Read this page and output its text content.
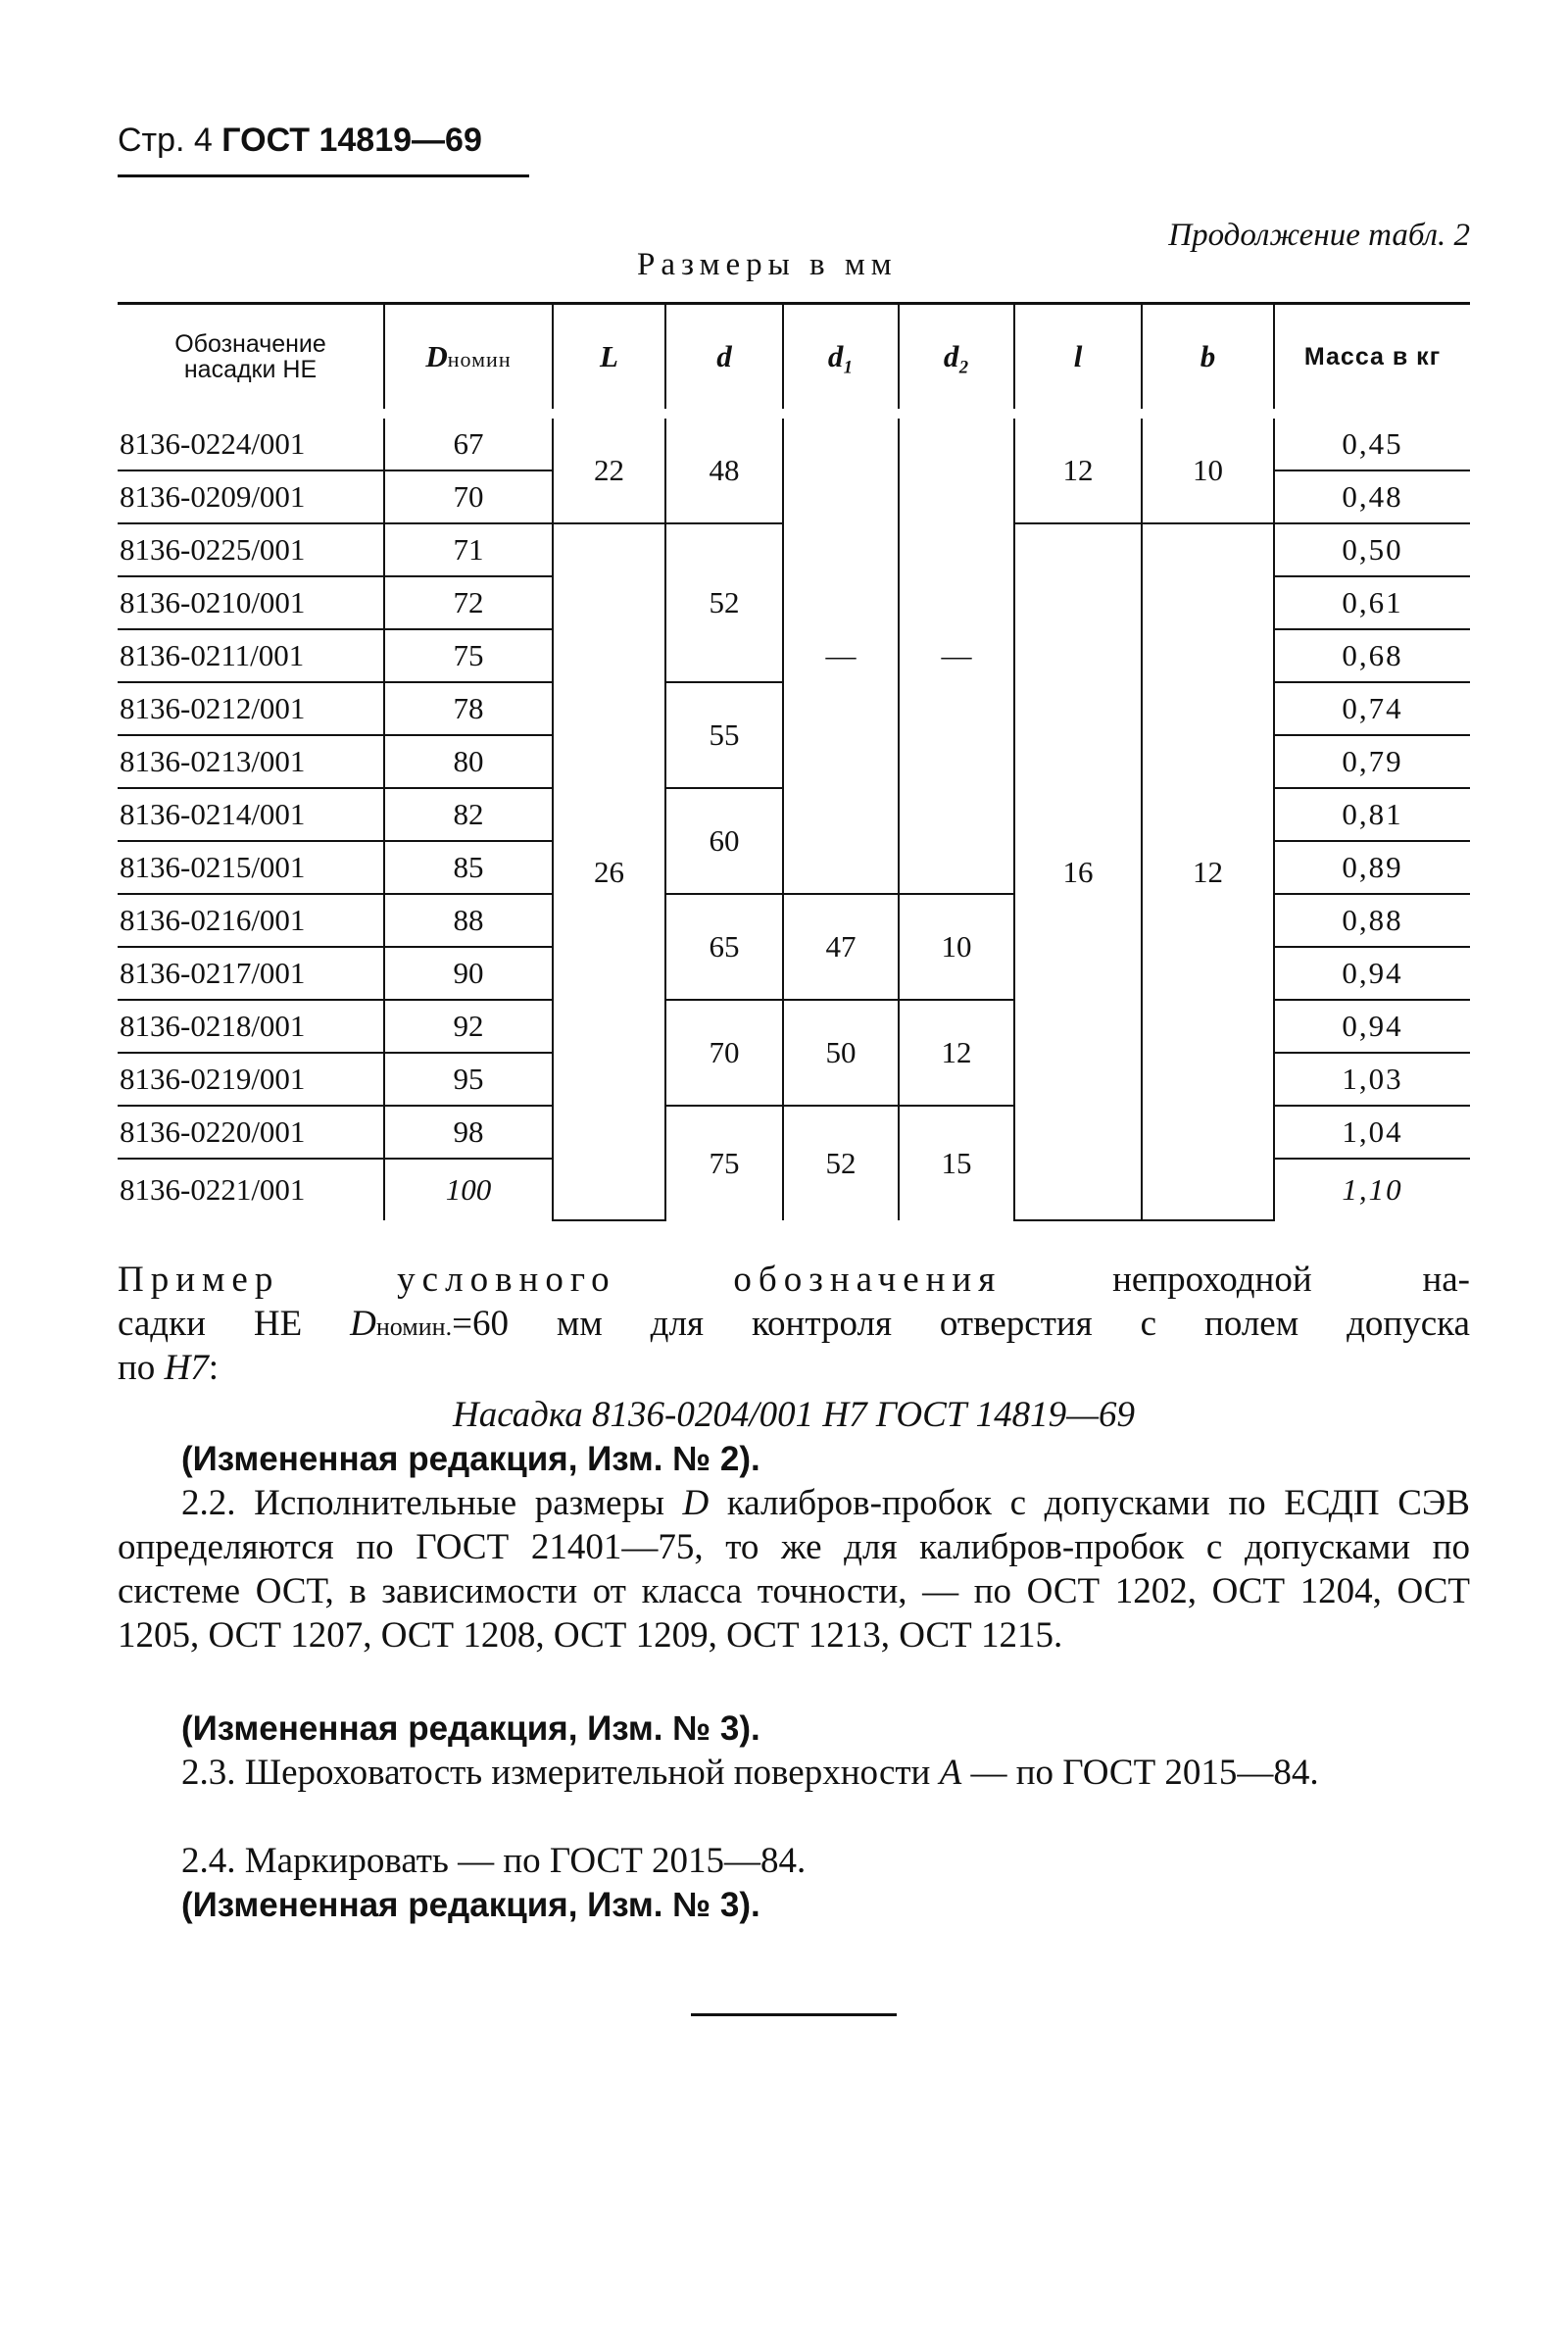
Стр. 4 ГОСТ 14819—69
Продолжение табл. 2
Размеры в мм
Обозначение
насадки НЕ	Dномин	L	d	d₁	d₂	l	b	Масса в кг
8136-0224/001	67	22	48	—	—	12	10	0,45
8136-0209/001	70							0,48
8136-0225/001	71	26	52			16	12	0,50
8136-0210/001	72							0,61
8136-0211/001	75							0,68
8136-0212/001	78		55					0,74
8136-0213/001	80							0,79
8136-0214/001	82		60					0,81
8136-0215/001	85							0,89
8136-0216/001	88		65	47	10			0,88
8136-0217/001	90							0,94
8136-0218/001	92		70	50	12			0,94
8136-0219/001	95							1,03
8136-0220/001	98		75	52	15			1,04
8136-0221/001	100							1,10
Пример условного обозначения непроходной на-
садки НЕ Dномин.=60 мм для контроля отверстия с полем допуска
по H7:
Насадка 8136-0204/001 H7 ГОСТ 14819—69
(Измененная редакция, Изм. № 2).
2.2. Исполнительные размеры D калибров-пробок с допусками по ЕСДП СЭВ определяются по ГОСТ 21401—75, то же для калибров-пробок с допусками по системе ОСТ, в зависимости от класса точности, — по ОСТ 1202, ОСТ 1204, ОСТ 1205, ОСТ 1207, ОСТ 1208, ОСТ 1209, ОСТ 1213, ОСТ 1215.
(Измененная редакция, Изм. № 3).
2.3. Шероховатость измерительной поверхности A — по ГОСТ 2015—84.
2.4. Маркировать — по ГОСТ 2015—84.
(Измененная редакция, Изм. № 3).
